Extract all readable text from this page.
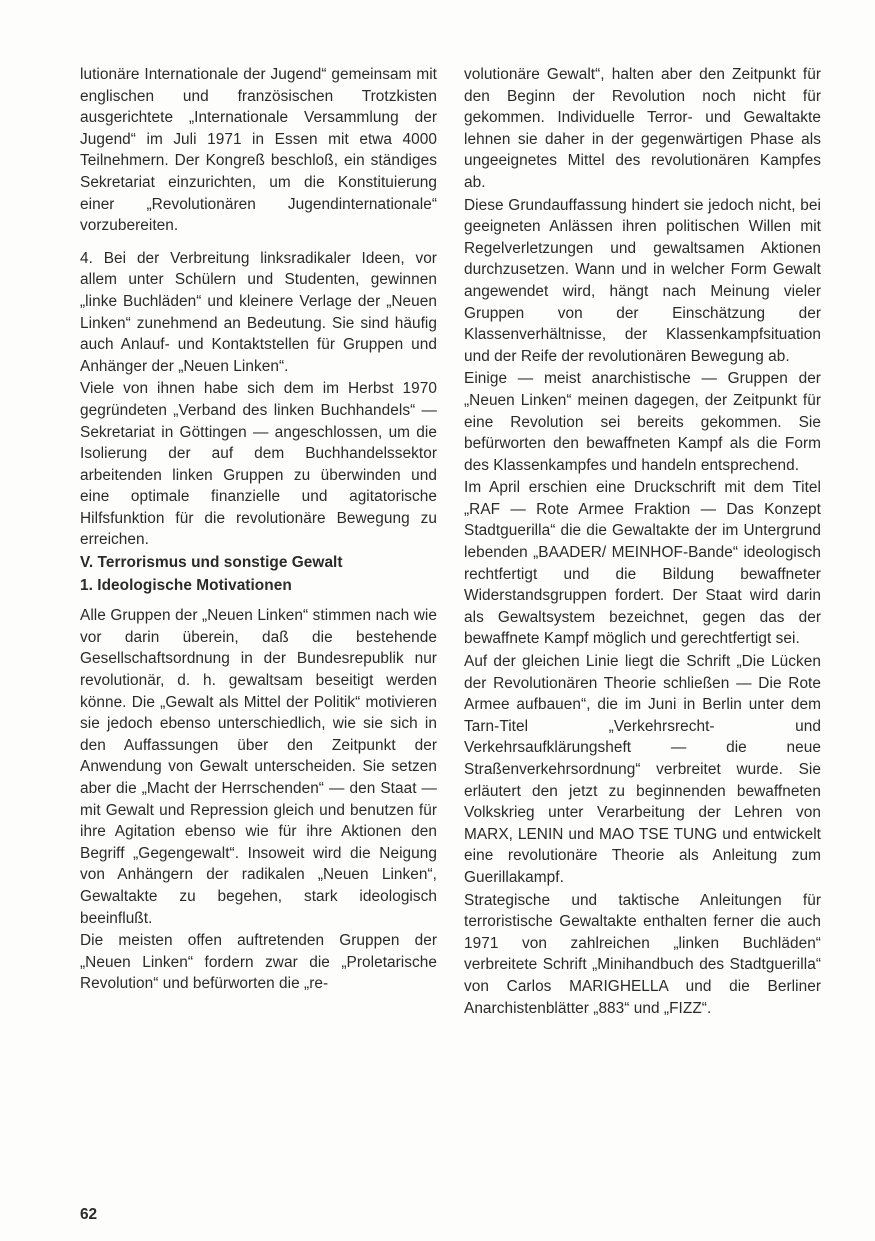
lutionäre Internationale der Jugend“ gemeinsam mit englischen und französischen Trotzkisten ausgerichtete „Internationale Versammlung der Jugend“ im Juli 1971 in Essen mit etwa 4000 Teilnehmern. Der Kongreß beschloß, ein ständiges Sekretariat einzurichten, um die Konstituierung einer „Revolutionären Jugendinternationale“ vorzubereiten.

4. Bei der Verbreitung linksradikaler Ideen, vor allem unter Schülern und Studenten, gewinnen „linke Buchläden“ und kleinere Verlage der „Neuen Linken“ zunehmend an Bedeutung. Sie sind häufig auch Anlauf- und Kontaktstellen für Gruppen und Anhänger der „Neuen Linken“.

Viele von ihnen habe sich dem im Herbst 1970 gegründeten „Verband des linken Buchhandels“ — Sekretariat in Göttingen — angeschlossen, um die Isolierung der auf dem Buchhandelssektor arbeitenden linken Gruppen zu überwinden und eine optimale finanzielle und agitatorische Hilfsfunktion für die revolutionäre Bewegung zu erreichen.

V. Terrorismus und sonstige Gewalt

1. Ideologische Motivationen

Alle Gruppen der „Neuen Linken“ stimmen nach wie vor darin überein, daß die bestehende Gesellschaftsordnung in der Bundesrepublik nur revolutionär, d. h. gewaltsam beseitigt werden könne. Die „Gewalt als Mittel der Politik“ motivieren sie jedoch ebenso unterschiedlich, wie sie sich in den Auffassungen über den Zeitpunkt der Anwendung von Gewalt unterscheiden. Sie setzen aber die „Macht der Herrschenden“ — den Staat — mit Gewalt und Repression gleich und benutzen für ihre Agitation ebenso wie für ihre Aktionen den Begriff „Gegengewalt“. Insoweit wird die Neigung von Anhängern der radikalen „Neuen Linken“, Gewaltakte zu begehen, stark ideologisch beeinflußt.

Die meisten offen auftretenden Gruppen der „Neuen Linken“ fordern zwar die „Proletarische Revolution“ und befürworten die „re-

volutionäre Gewalt“, halten aber den Zeitpunkt für den Beginn der Revolution noch nicht für gekommen. Individuelle Terror- und Gewaltakte lehnen sie daher in der gegenwärtigen Phase als ungeeignetes Mittel des revolutionären Kampfes ab.

Diese Grundauffassung hindert sie jedoch nicht, bei geeigneten Anlässen ihren politischen Willen mit Regelverletzungen und gewaltsamen Aktionen durchzusetzen. Wann und in welcher Form Gewalt angewendet wird, hängt nach Meinung vieler Gruppen von der Einschätzung der Klassenverhältnisse, der Klassenkampfsituation und der Reife der revolutionären Bewegung ab.

Einige — meist anarchistische — Gruppen der „Neuen Linken“ meinen dagegen, der Zeitpunkt für eine Revolution sei bereits gekommen. Sie befürworten den bewaffneten Kampf als die Form des Klassenkampfes und handeln entsprechend.

Im April erschien eine Druckschrift mit dem Titel „RAF — Rote Armee Fraktion — Das Konzept Stadtguerilla“ die die Gewaltakte der im Untergrund lebenden „BAADER/ MEINHOF-Bande“ ideologisch rechtfertigt und die Bildung bewaffneter Widerstandsgruppen fordert. Der Staat wird darin als Gewaltsystem bezeichnet, gegen das der bewaffnete Kampf möglich und gerechtfertigt sei.

Auf der gleichen Linie liegt die Schrift „Die Lücken der Revolutionären Theorie schließen — Die Rote Armee aufbauen“, die im Juni in Berlin unter dem Tarn-Titel „Verkehrsrecht- und Verkehrsaufklärungsheft — die neue Straßenverkehrsordnung“ verbreitet wurde. Sie erläutert den jetzt zu beginnenden bewaffneten Volkskrieg unter Verarbeitung der Lehren von MARX, LENIN und MAO TSE TUNG und entwickelt eine revolutionäre Theorie als Anleitung zum Guerillakampf.

Strategische und taktische Anleitungen für terroristische Gewaltakte enthalten ferner die auch 1971 von zahlreichen „linken Buchläden“ verbreitete Schrift „Minihandbuch des Stadtguerilla“ von Carlos MARIGHELLA und die Berliner Anarchistenblätter „883“ und „FIZZ“.

62
